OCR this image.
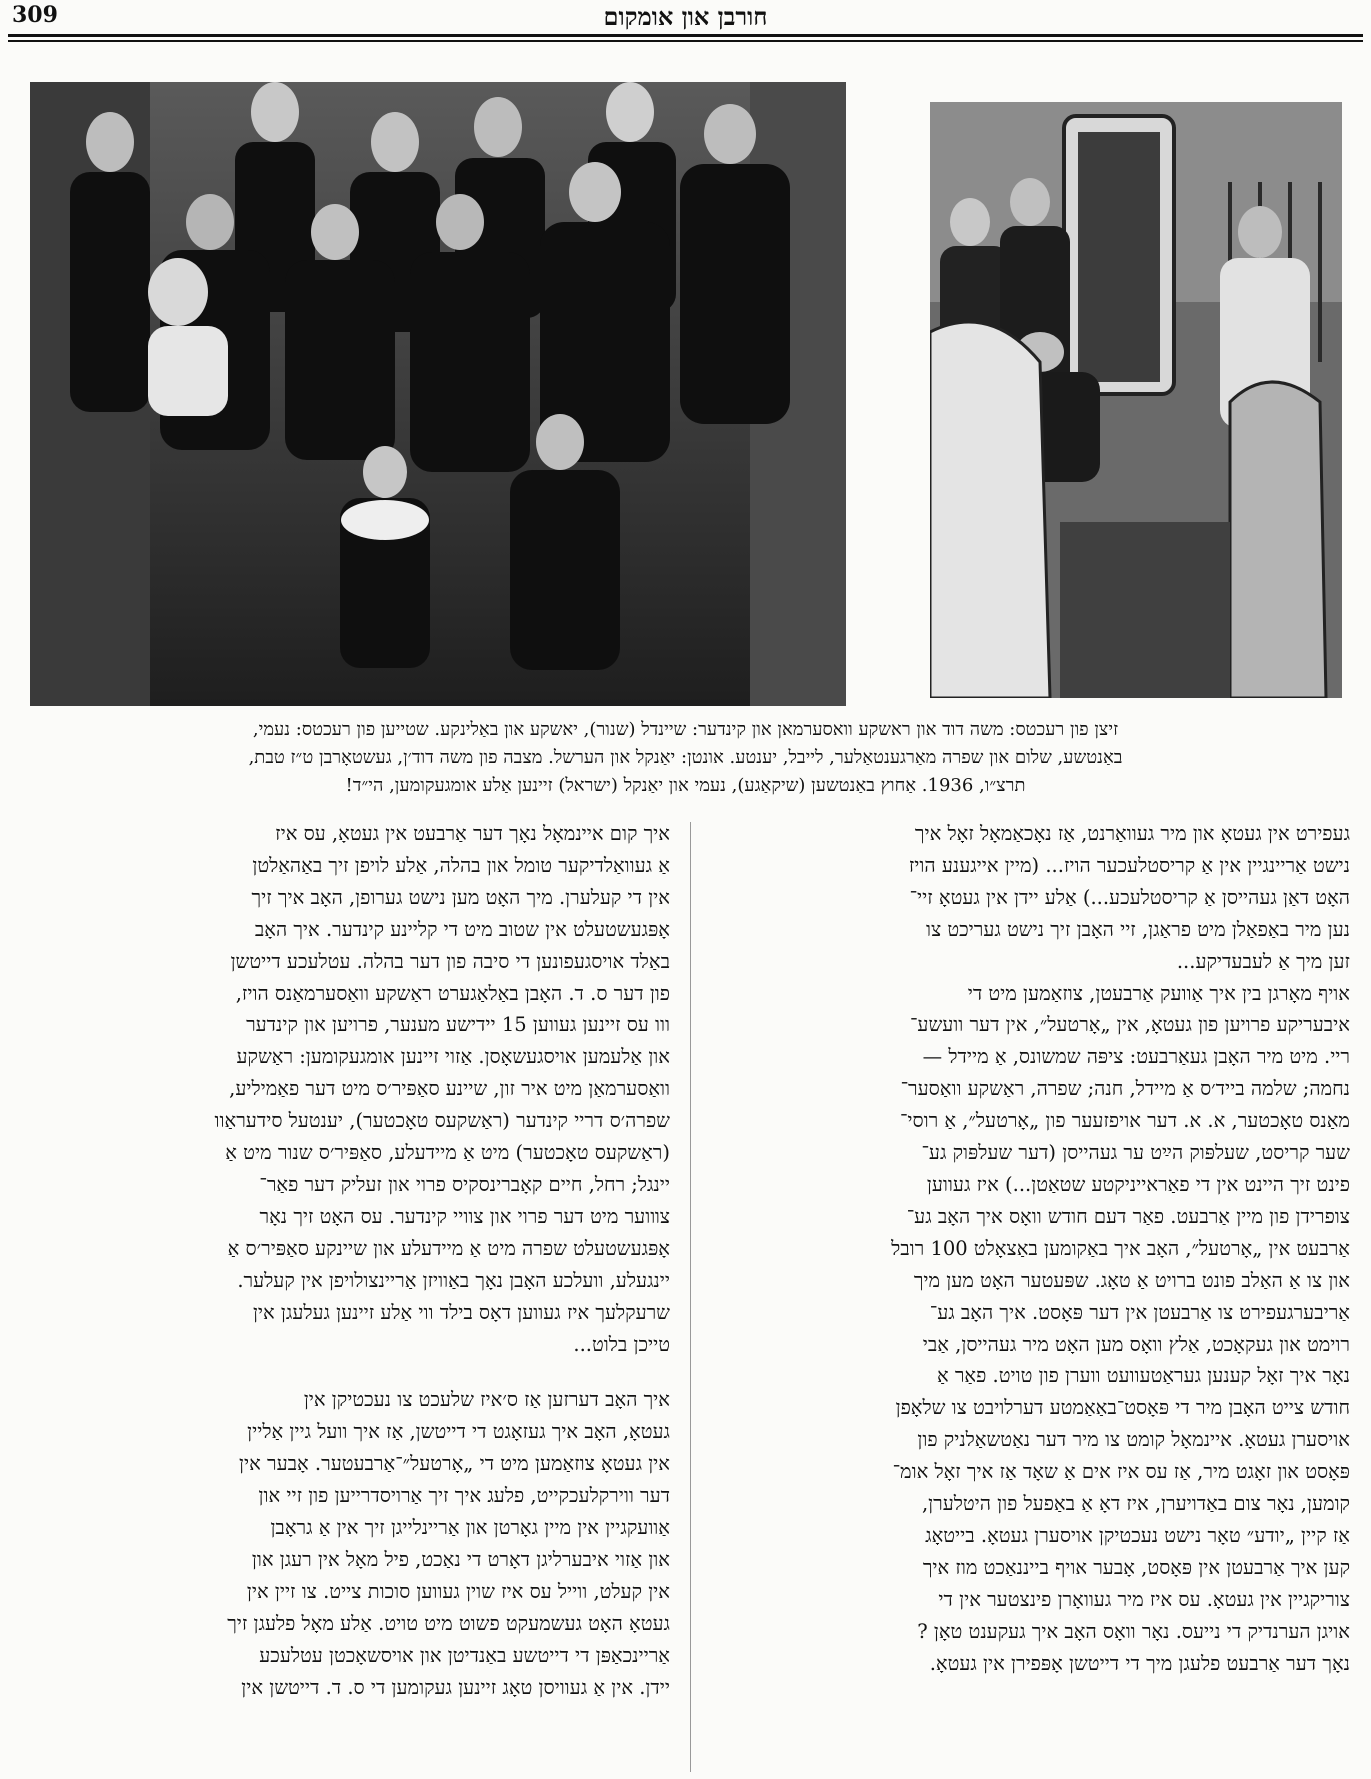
309	חורבן און אומקום
זיצן פון רעכטס: משה דוד און ראשקע וואסערמאן און קינדער: שיינדל (שנור), יאשקע און באַלינקע. שטייען פון רעכטס: נעמי,
באַנטשע, שלום און שפרה מאַרגענטאַלער, לייבל, יענטע. אונטן: יאַנקל און הערשל. מצבה פון משה דוד׳ן, געשטאָרבן ט״ז טבת,
תרצ״ו, 1936. אַחוץ באַנטשען (שיקאַגע), נעמי און יאַנקל (ישראל) זיינען אַלע אומגעקומען, הי״ד!

געפירט אין געטאָ און מיר געוואַרנט, אַז נאָכאַמאָל זאָל איך
נישט אַריינגיין אין אַ קריסטלעכער הויז... (מיין אייגענע הויז
האָט דאַן געהייסן אַ קריסטלעכע...) אַלע יידן אין געטאָ זיי־
נען מיר באַפאַלן מיט פראַגן, זיי האָבן זיך נישט געריכט צו
זען מיך אַ לעבעדיקע...

אויף מאָרגן בין איך אַוועק אַרבעטן, צוזאַמען מיט די
איבעריקע פרויען פון געטאָ, אין „אָרטעל״, אין דער וועשע־
ריי. מיט מיר האָבן געאַרבעט: ציפּה שמשונס, אַ מיידל —
נחמה; שלמה בייד׳ס אַ מיידל, חנה; שפרה, ראַשקע וואַסער־
מאַנס טאָכטער, א. א. דער אויפזעער פון „אָרטעל״, אַ רוסי־
שער קריסט, שעלפּוק הײַט ער געהייסן (דער שעלפּוק גע־
פינט זיך היינט אין די פאַראייניקטע שטאַטן...) איז געווען
צופרידן פון מיין אַרבעט. פאַר דעם חודש וואָס איך האָב גע־
אַרבעט אין „אָרטעל״, האָב איך באַקומען באַצאָלט 100 רובל
און צו אַ האַלב פונט ברויט אַ טאָג. שפּעטער האָט מען מיך
אַריבערגעפירט צו אַרבעטן אין דער פּאָסט. איך האָב גע־
רוימט און געקאָכט, אַלץ וואָס מען האָט מיר געהייסן, אַבי
נאָר איך זאָל קענען געראַטעוועט ווערן פון טויט. פאַר אַ
חודש צייט האָבן מיר די פּאָסט־באַאַמטע דערלויבט צו שלאָפן
אויסערן געטאָ. איינמאָל קומט צו מיר דער נאַטשאַלניק פון
פּאָסט און זאָגט מיר, אַז עס איז אים אַ שאָד אַז איך זאָל אומ־
קומען, נאָר צום באַדויערן, איז דאָ אַ באַפעל פון היטלערן,
אַז קיין „יודע״ טאָר נישט נעכטיקן אויסערן געטאָ. בייטאָג
קען איך אַרבעטן אין פּאָסט, אָבער אויף בייננאַכט מוז איך
צוריקגיין אין געטאָ. עס איז מיר געוואָרן פינצטער אין די
אויגן הערנדיק די נייעס. נאָר וואָס האָב איך געקענט טאָן ?
נאָך דער אַרבעט פלעגן מיך די דייטשן אָפּפירן אין געטאָ.

איך קום איינמאָל נאָך דער אַרבעט אין געטאָ, עס איז
אַ געוואַלדיקער טומל און בהלה, אַלע לויפן זיך באַהאַלטן
אין די קעלערן. מיך האָט מען נישט גערופן, האָב איך זיך
אָפּגעשטעלט אין שטוב מיט די קליינע קינדער. איך האָב
באַלד אויסגעפונען די סיבה פון דער בהלה. עטלעכע דייטשן
פון דער ס. ד. האָבן באַלאַגערט ראַשקע וואַסערמאַנס הויז,
ווו עס זיינען געווען 15 יידישע מענער, פרויען און קינדער
און אַלעמען אויסגעשאָסן. אַזוי זיינען אומגעקומען: ראַשקע
וואַסערמאַן מיט איר זון, שיינע סאַפּיר׳ס מיט דער פאַמיליע,
שפרה׳ס דריי קינדער (ראַשקעס טאָכטער), יענטעל סידעראַוו
(ראַשקעס טאָכטער) מיט אַ מיידעלע, סאַפּיר׳ס שנור מיט אַ
יינגל; רחל, חיים קאָברינסקיס פרוי און זעליק דער פאַר־
צװוער מיט דער פרוי און צוויי קינדער. עס האָט זיך נאָר
אָפּגעשטעלט שפרה מיט אַ מיידעלע און שיינקע סאַפּיר׳ס אַ
יינגעלע, וועלכע האָבן נאָך באַוויזן אַריינצולויפן אין קעלער.
שרעקלעך איז געווען דאָס בילד ווי אַלע זיינען געלעגן אין
טייכן בלוט...

איך האָב דערזען אַז ס׳איז שלעכט צו נעכטיקן אין
געטאָ, האָב איך געזאָגט די דייטשן, אַז איך וועל גיין אַליין
אין געטאָ צוזאַמען מיט די „אָרטעל״־אַרבעטער. אָבער אין
דער ווירקלעכקייט, פלעג איך זיך אַרויסדרייען פון זיי און
אַוועקגיין אין מיין גאָרטן און אַריינלייגן זיך אין אַ גראָבן
און אַזוי איבערליגן דאָרט די נאַכט, פיל מאָל אין רעגן און
אין קעלט, ווייל עס איז שוין געווען סוכות צייט. צו זיין אין
געטאָ האָט געשמעקט פשוט מיט טויט. אַלע מאָל פלעגן זיך
אַריינכאַפּן די דייטשע באַנדיטן און אויסשאָכטן עטלעכע
יידן. אין אַ געוויסן טאָג זיינען געקומען די ס. ד. דייטשן אין
